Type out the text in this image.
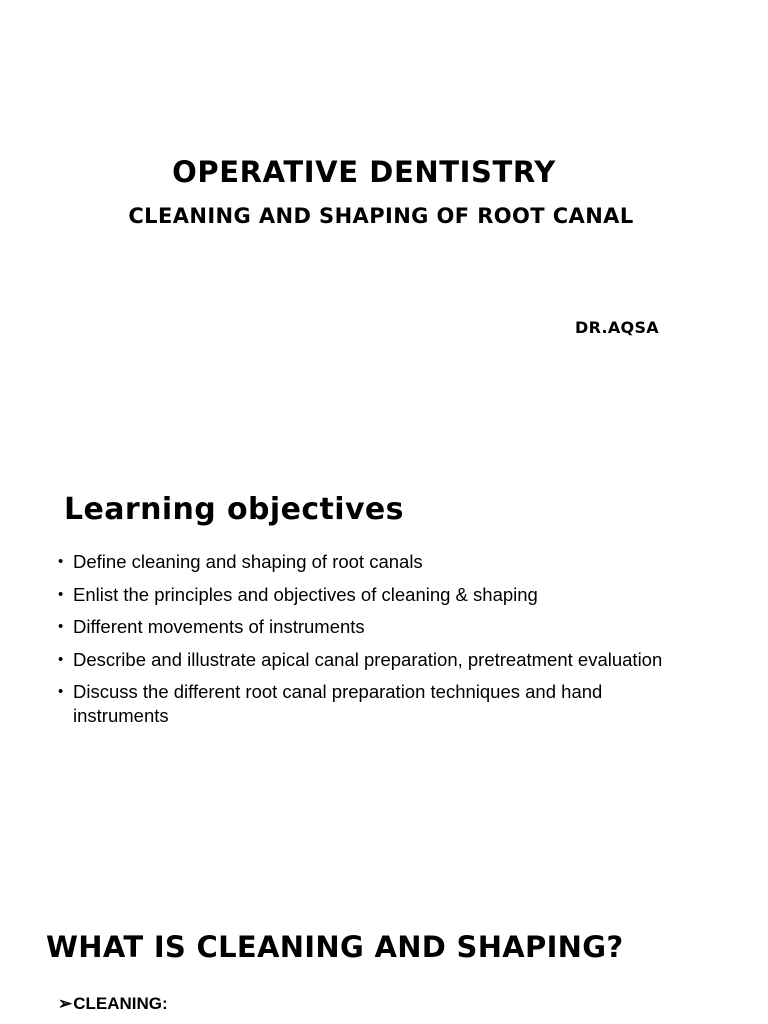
OPERATIVE DENTISTRY
CLEANING AND SHAPING OF ROOT CANAL
DR.AQSA
Learning objectives
• Define cleaning and shaping of root canals
• Enlist the principles and objectives of cleaning & shaping
• Different movements of instruments
• Describe and illustrate apical canal preparation, pretreatment evaluation
• Discuss the different root canal preparation techniques and hand instruments
WHAT IS CLEANING AND SHAPING?
➢CLEANING:
